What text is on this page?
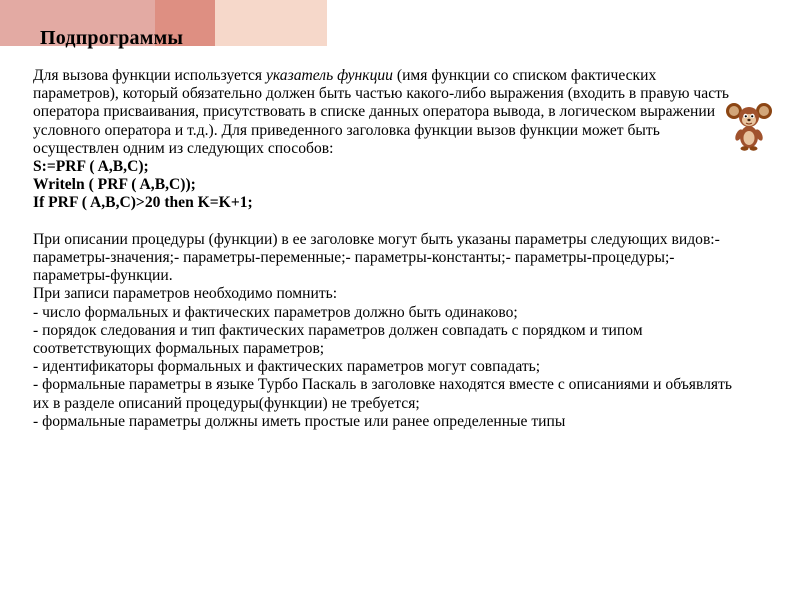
Подпрограммы

Для вызова функции используется указатель функции (имя функции со списком фактических параметров), который обязательно должен быть частью какого-либо выражения (входить в правую часть оператора присваивания, присутствовать в списке данных оператора вывода, в логическом выражении условного оператора и т.д.). Для приведенного заголовка функции вызов функции может быть осуществлен одним из следующих способов:

S:=PRF ( A,B,C);

Writeln ( PRF ( A,B,C));

If PRF ( A,B,C)>20 then K=K+1;

При описании процедуры (функции) в ее заголовке могут быть указаны параметры следующих видов:- параметры-значения;- параметры-переменные;- параметры-константы;- параметры-процедуры;- параметры-функции.

При записи параметров необходимо помнить:

- число формальных и фактических параметров должно быть одинаково;

- порядок следования и тип фактических параметров должен совпадать с порядком и типом соответствующих формальных параметров;

- идентификаторы формальных и фактических параметров могут совпадать;

- формальные параметры в языке Турбо Паскаль в заголовке находятся вместе с описаниями и объявлять их в разделе описаний процедуры(функции) не требуется;

- формальные параметры должны иметь простые или ранее определенные типы
